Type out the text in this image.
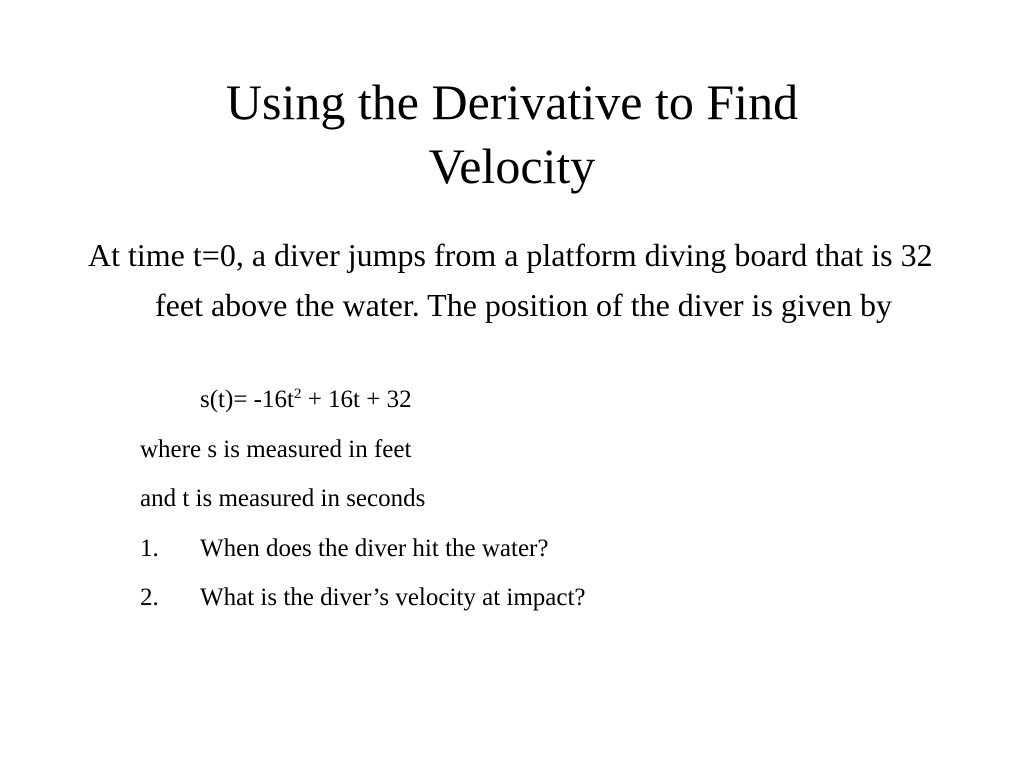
Using the Derivative to Find
Velocity

At time t=0, a diver jumps from a platform diving board that is 32 feet above the water. The position of the diver is given by

$s(t)= -16t^2 + 16t + 32$
where s is measured in feet
and t is measured in seconds
1. When does the diver hit the water?
2. What is the diver’s velocity at impact?
